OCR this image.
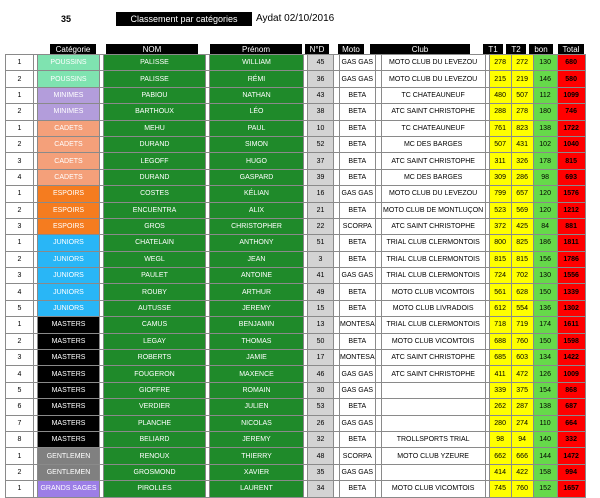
35	Classement par catégories	Aydat 02/10/2016
Catégorie	NOM	Prénom	N°D	Moto	Club	T1	T2	bon	Total
1		POUSSINS		PALISSE		WILLIAM		45		GAS GAS		MOTO CLUB DU LEVEZOU		278	272	130	680
2		POUSSINS		PALISSE		RÉMI		36		GAS GAS		MOTO CLUB DU LEVEZOU		215	219	146	580
1		MINIMES		PABIOU		NATHAN		43		BETA		TC CHATEAUNEUF		480	507	112	1099
2		MINIMES		BARTHOUX		LÉO		38		BETA		ATC SAINT CHRISTOPHE		288	278	180	746
1		CADETS		MEHU		PAUL		10		BETA		TC CHATEAUNEUF		761	823	138	1722
2		CADETS		DURAND		SIMON		52		BETA		MC DES BARGES		507	431	102	1040
3		CADETS		LEGOFF		HUGO		37		BETA		ATC SAINT CHRISTOPHE		311	326	178	815
4		CADETS		DURAND		GASPARD		39		BETA		MC DES BARGES		309	286	98	693
1		ESPOIRS		COSTES		KÉLIAN		16		GAS GAS		MOTO CLUB DU LEVEZOU		799	657	120	1576
2		ESPOIRS		ENCUENTRA		ALIX		21		BETA		MOTO CLUB DE MONTLUÇON		523	569	120	1212
3		ESPOIRS		GROS		CHRISTOPHER		22		SCORPA		ATC SAINT CHRISTOPHE		372	425	84	881
1		JUNIORS		CHATELAIN		ANTHONY		51		BETA		TRIAL CLUB CLERMONTOIS		800	825	186	1811
2		JUNIORS		WEGL		JEAN		3		BETA		TRIAL CLUB CLERMONTOIS		815	815	156	1786
3		JUNIORS		PAULET		ANTOINE		41		GAS GAS		TRIAL CLUB CLERMONTOIS		724	702	130	1556
4		JUNIORS		ROUBY		ARTHUR		49		BETA		MOTO CLUB VICOMTOIS		561	628	150	1339
5		JUNIORS		AUTUSSE		JEREMY		15		BETA		MOTO CLUB LIVRADOIS		612	554	136	1302
1		MASTERS		CAMUS		BENJAMIN		13		MONTESA		TRIAL CLUB CLERMONTOIS		718	719	174	1611
2		MASTERS		LEGAY		THOMAS		50		BETA		MOTO CLUB VICOMTOIS		688	760	150	1598
3		MASTERS		ROBERTS		JAMIE		17		MONTESA		ATC SAINT CHRISTOPHE		685	603	134	1422
4		MASTERS		FOUGERON		MAXENCE		46		GAS GAS		ATC SAINT CHRISTOPHE		411	472	126	1009
5		MASTERS		GIOFFRE		ROMAIN		30		GAS GAS				339	375	154	868
6		MASTERS		VERDIER		JULIEN		53		BETA				262	287	138	687
7		MASTERS		PLANCHE		NICOLAS		26		GAS GAS				280	274	110	664
8		MASTERS		BELIARD		JEREMY		32		BETA		TROLLSPORTS TRIAL		98	94	140	332
1		GENTLEMEN		RENOUX		THIERRY		48		SCORPA		MOTO CLUB YZEURE		662	666	144	1472
2		GENTLEMEN		GROSMOND		XAVIER		35		GAS GAS				414	422	158	994
1		GRANDS SAGES		PIROLLES		LAURENT		34		BETA		MOTO CLUB VICOMTOIS		745	760	152	1657
